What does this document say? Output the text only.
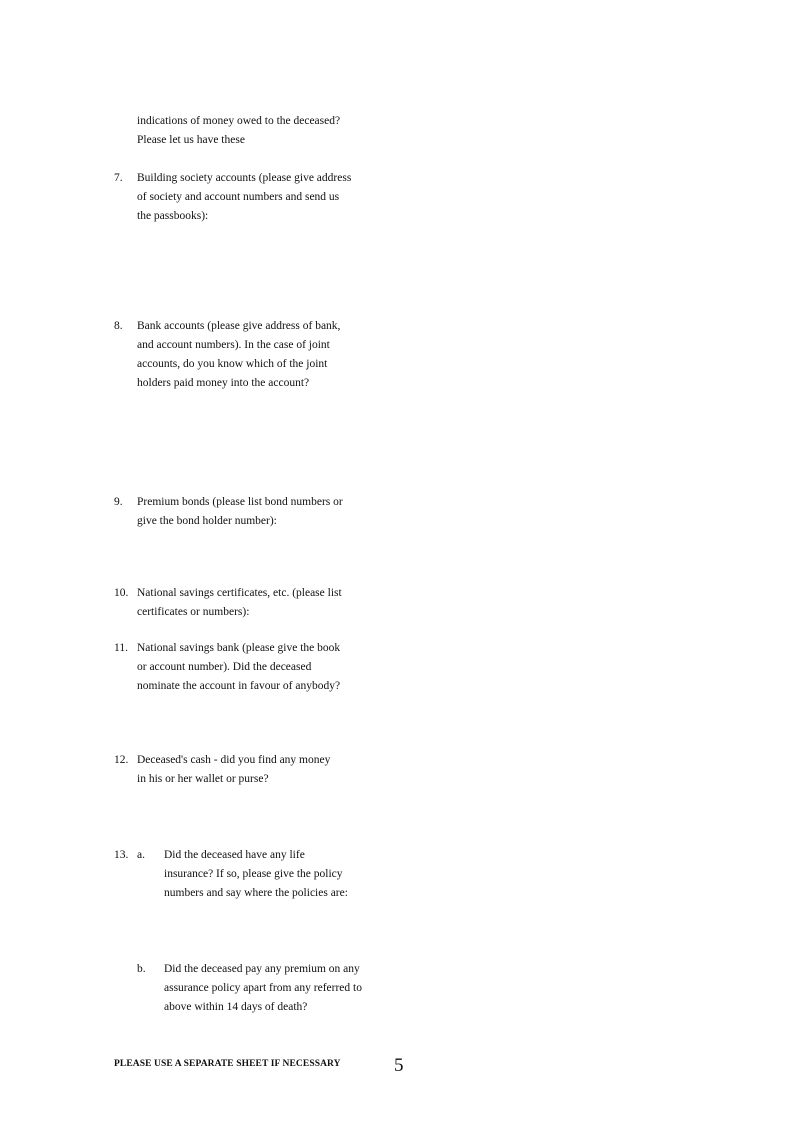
indications of money owed to the deceased?

Please let us have these

7. Building society accounts (please give address

of society and account numbers and send us

the passbooks):

8. Bank accounts (please give address of bank,

and account numbers). In the case of joint

accounts, do you know which of the joint

holders paid money into the account?

9. Premium bonds (please list bond numbers or

give the bond holder number):

10. National savings certificates, etc. (please list

certificates or numbers):

11. National savings bank (please give the book

or account number). Did the deceased

nominate the account in favour of anybody?

12. Deceased's cash - did you find any money

in his or her wallet or purse?

13. a. Did the deceased have any life

insurance? If so, please give the policy

numbers and say where the policies are:

b. Did the deceased pay any premium on any

assurance policy apart from any referred to

above within 14 days of death?

PLEASE USE A SEPARATE SHEET IF NECESSARY	5
